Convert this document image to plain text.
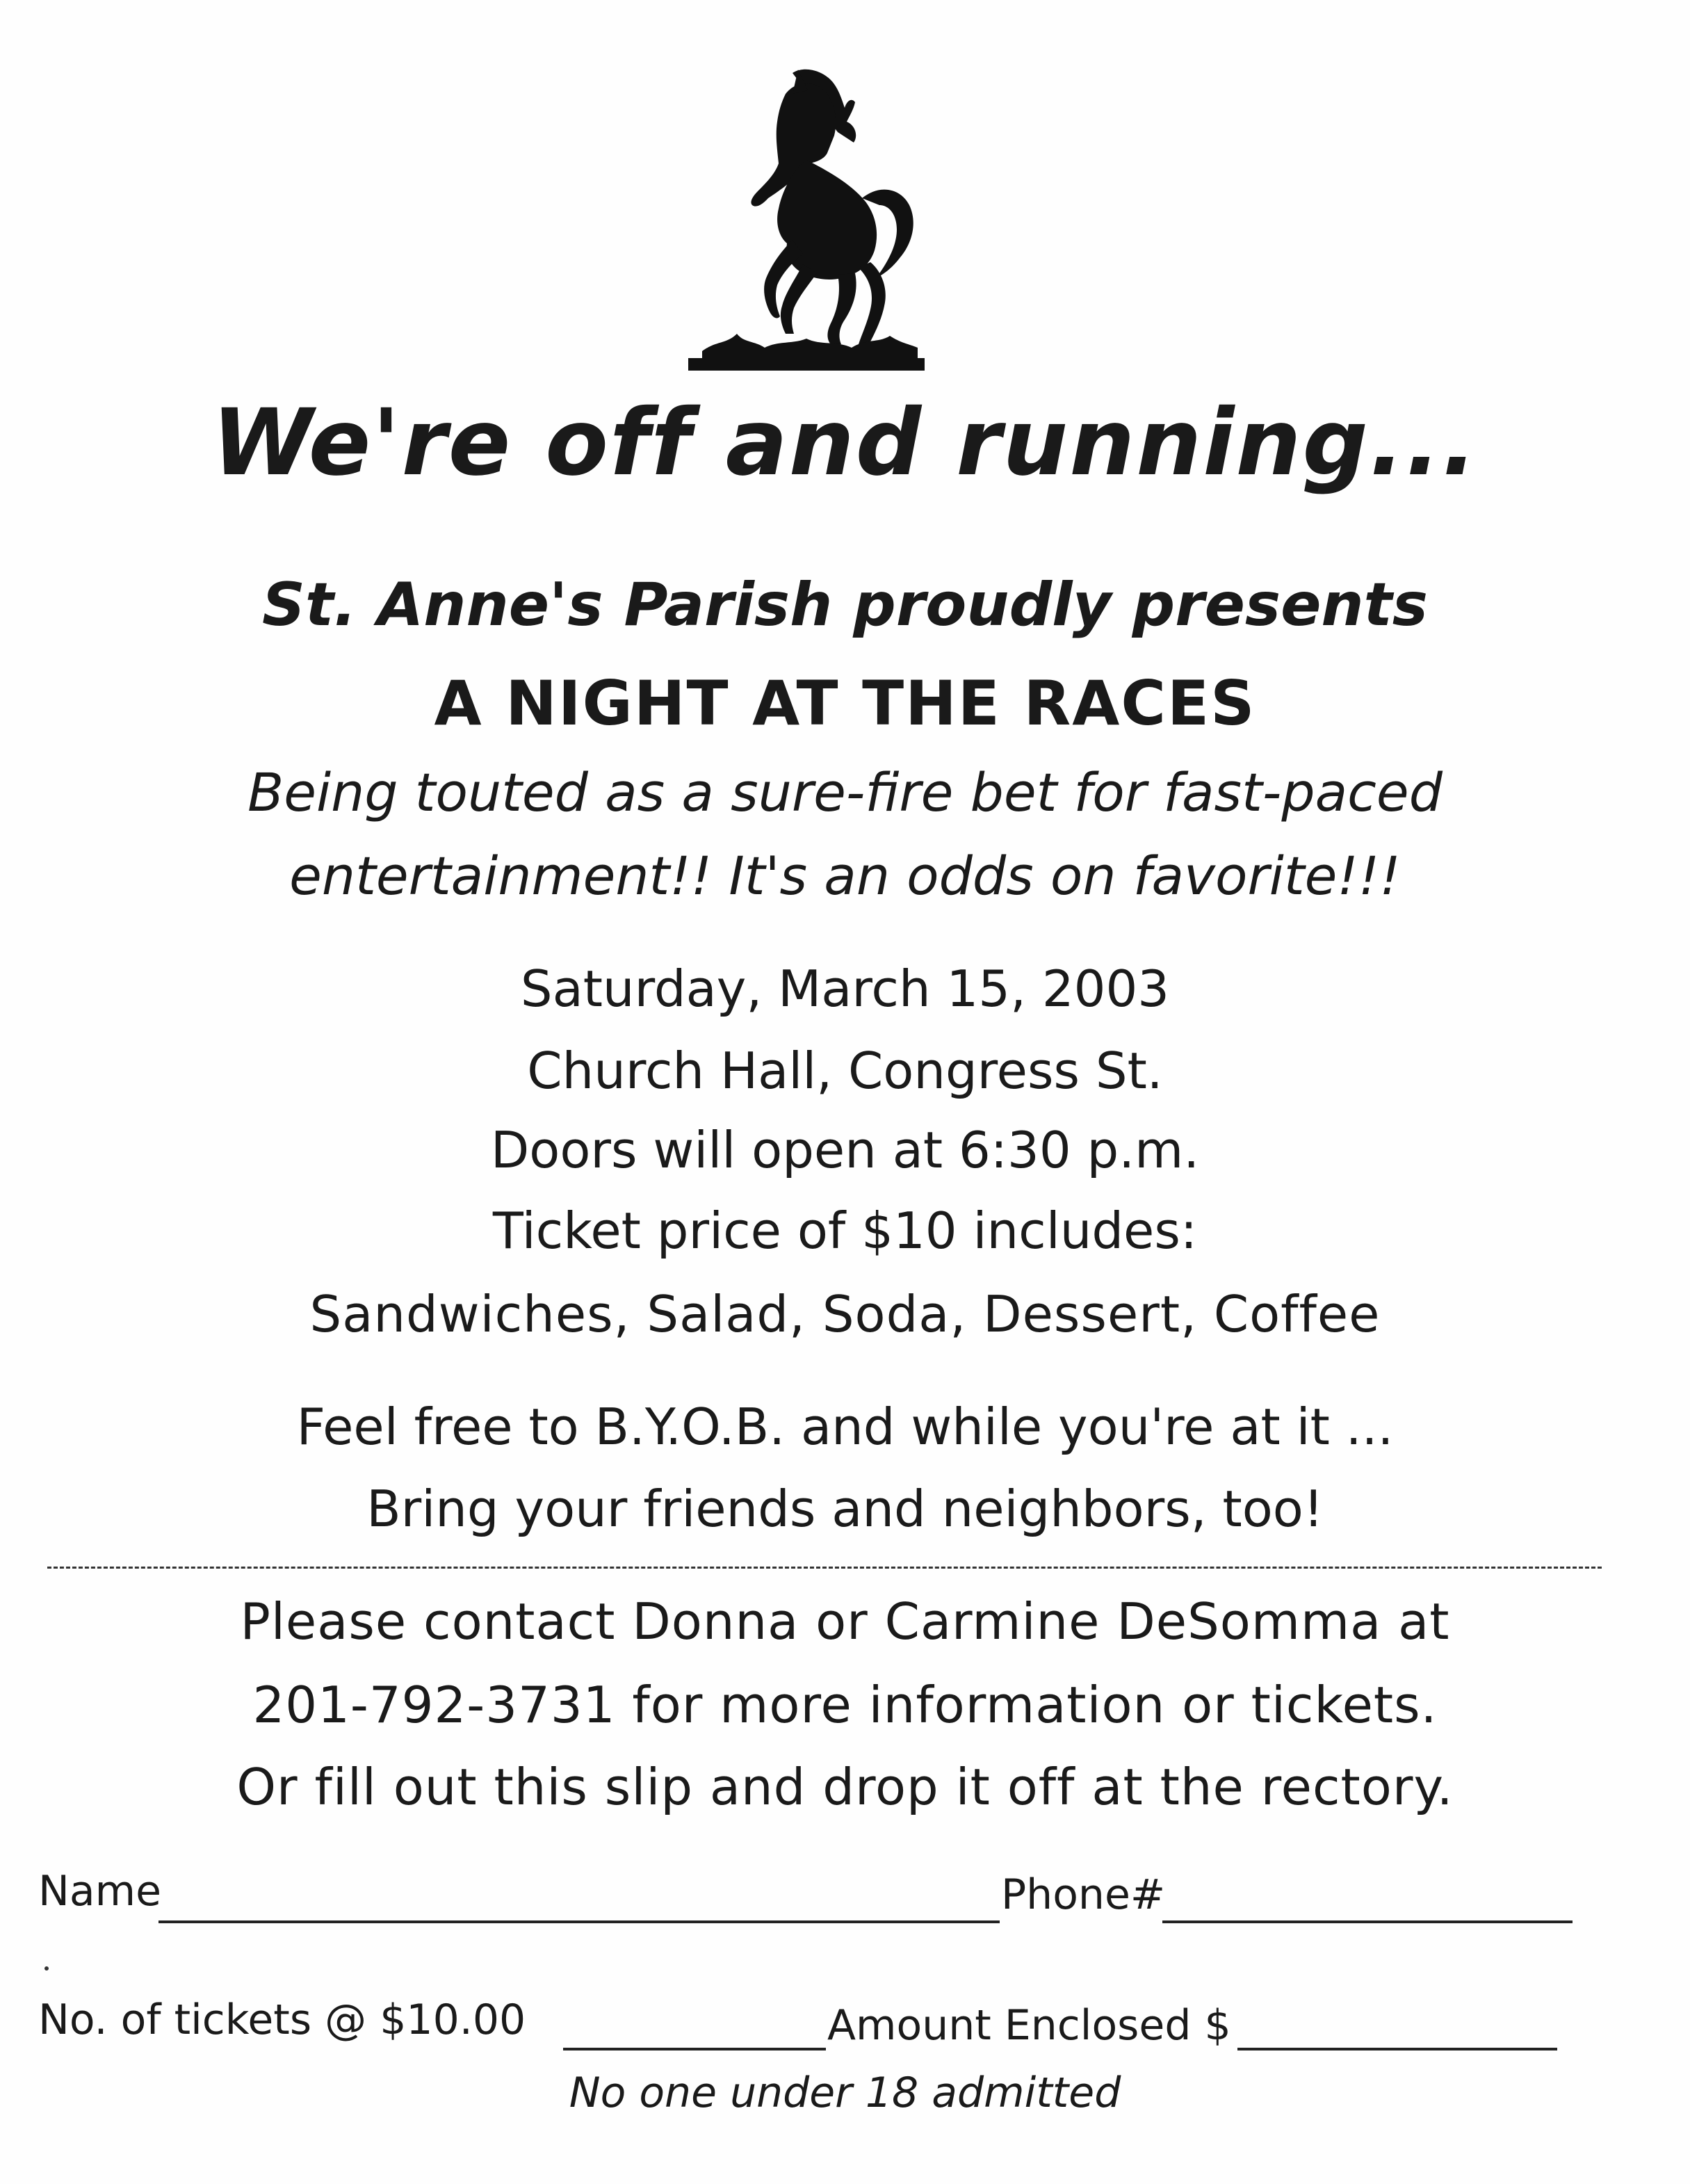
We're off and running...
St. Anne's Parish proudly presents
A NIGHT AT THE RACES
Being touted as a sure-fire bet for fast-paced
entertainment!! It's an odds on favorite!!!
Saturday, March 15, 2003
Church Hall, Congress St.
Doors will open at 6:30 p.m.
Ticket price of $10 includes:
Sandwiches, Salad, Soda, Dessert, Coffee
Feel free to B.Y.O.B. and while you're at it ...
Bring your friends and neighbors, too!
Please contact Donna or Carmine DeSomma at
201-792-3731 for more information or tickets.
Or fill out this slip and drop it off at the rectory.
Name	Phone#
No. of tickets @ $10.00	Amount Enclosed $
No one under 18 admitted
